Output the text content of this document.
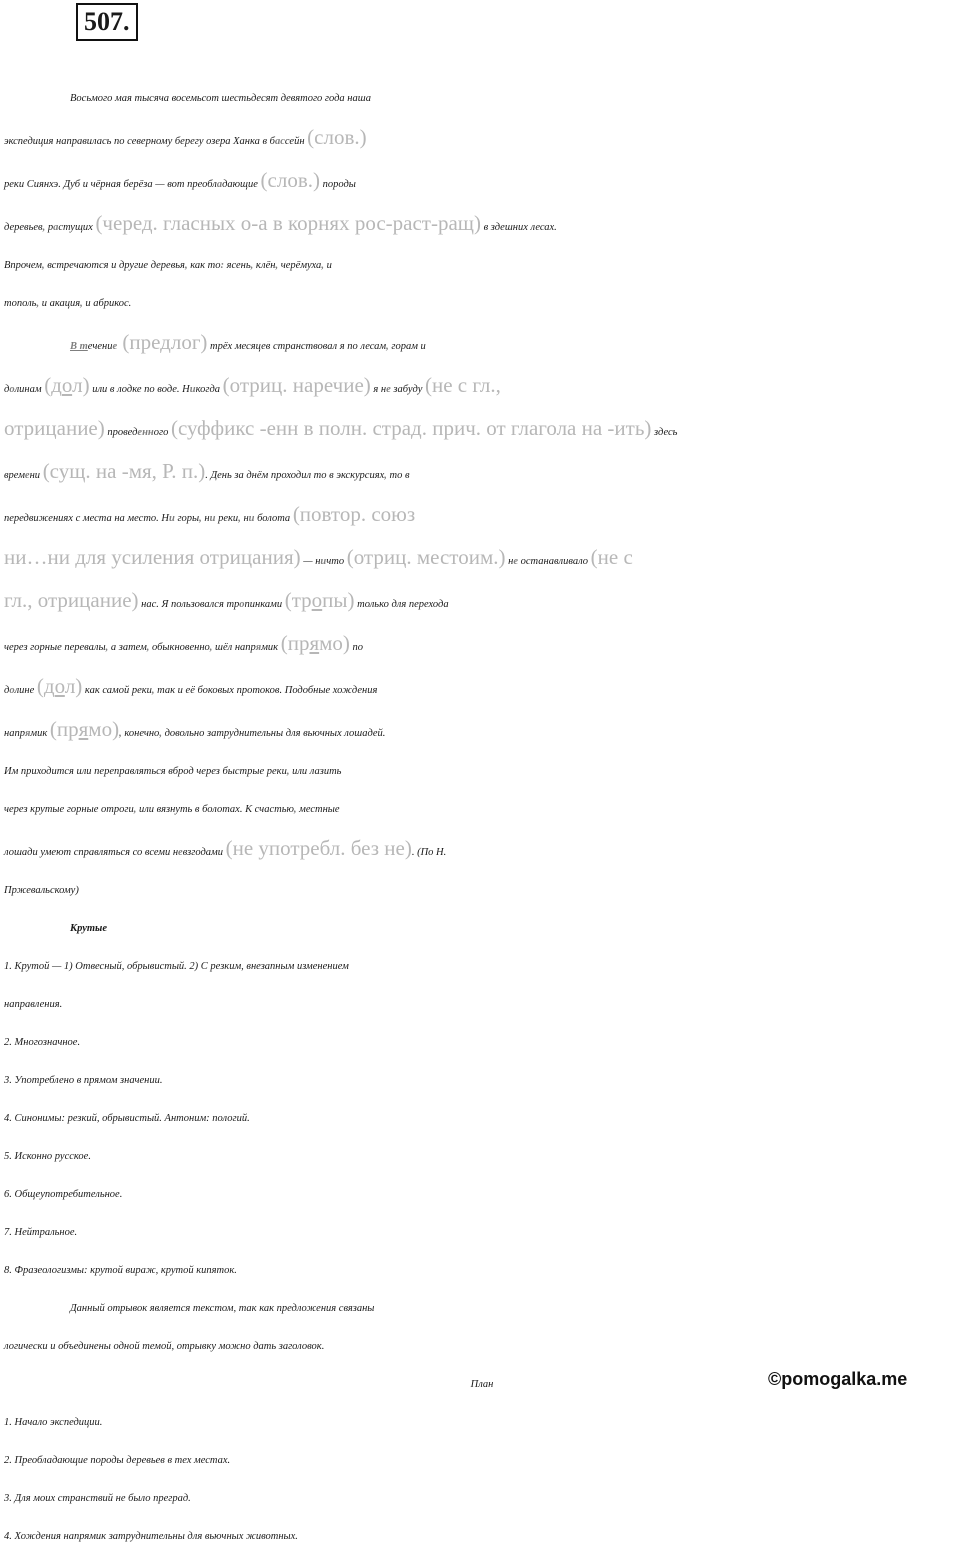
507.

Восьмого мая тысяча восемьсот шестьдесят девятого года наша

экспедиция направилась по северному берегу озера Ханка в бассейн (слов.)

реки Сиянхэ. Дуб и чёрная берёза — вот преобладающие (слов.) породы

деревьев, растущих (черед. гласных о-а в корнях рос-раст-ращ) в здешних лесах.

Впрочем, встречаются и другие деревья, как то: ясень, клён, черёмуха, и

тополь, и акация, и абрикос.

В течение (предлог) трёх месяцев странствовал я по лесам, горам и

долинам (дол) или в лодке по воде. Никогда (отриц. наречие) я не забуду (не с гл.,

отрицание) проведенного (суффикс -енн в полн. страд. прич. от глагола на -ить) здесь

времени (сущ. на -мя, Р. п.). День за днём проходил то в экскурсиях, то в

передвижениях с места на место. Ни горы, ни реки, ни болота (повтор. союз

ни…ни для усиления отрицания) — ничто (отриц. местоим.) не останавливало (не с

гл., отрицание) нас. Я пользовался тропинками (тропы) только для перехода

через горные перевалы, а затем, обыкновенно, шёл напрямик (прямо) по

долине (дол) как самой реки, так и её боковых протоков. Подобные хождения

напрямик (прямо), конечно, довольно затруднительны для вьючных лошадей.

Им приходится или переправляться вброд через быстрые реки, или лазить

через крутые горные отроги, или вязнуть в болотах. К счастью, местные

лошади умеют справляться со всеми невзгодами (не употребл. без не). (По Н.

Пржевальскому)

Крутые

1. Крутой — 1) Отвесный, обрывистый. 2) С резким, внезапным изменением

направления.

2. Многозначное.

3. Употреблено в прямом значении.

4. Синонимы: резкий, обрывистый. Антоним: пологий.

5. Исконно русское.

6. Общеупотребительное.

7. Нейтральное.

8. Фразеологизмы: крутой вираж, крутой кипяток.

Данный отрывок является текстом, так как предложения связаны

логически и объединены одной темой, отрывку можно дать заголовок.

План

1. Начало экспедиции.

2. Преобладающие породы деревьев в тех местах.

3. Для моих странствий не было преград.

4. Хождения напрямик затруднительны для вьючных животных.

©pomogalka.me
